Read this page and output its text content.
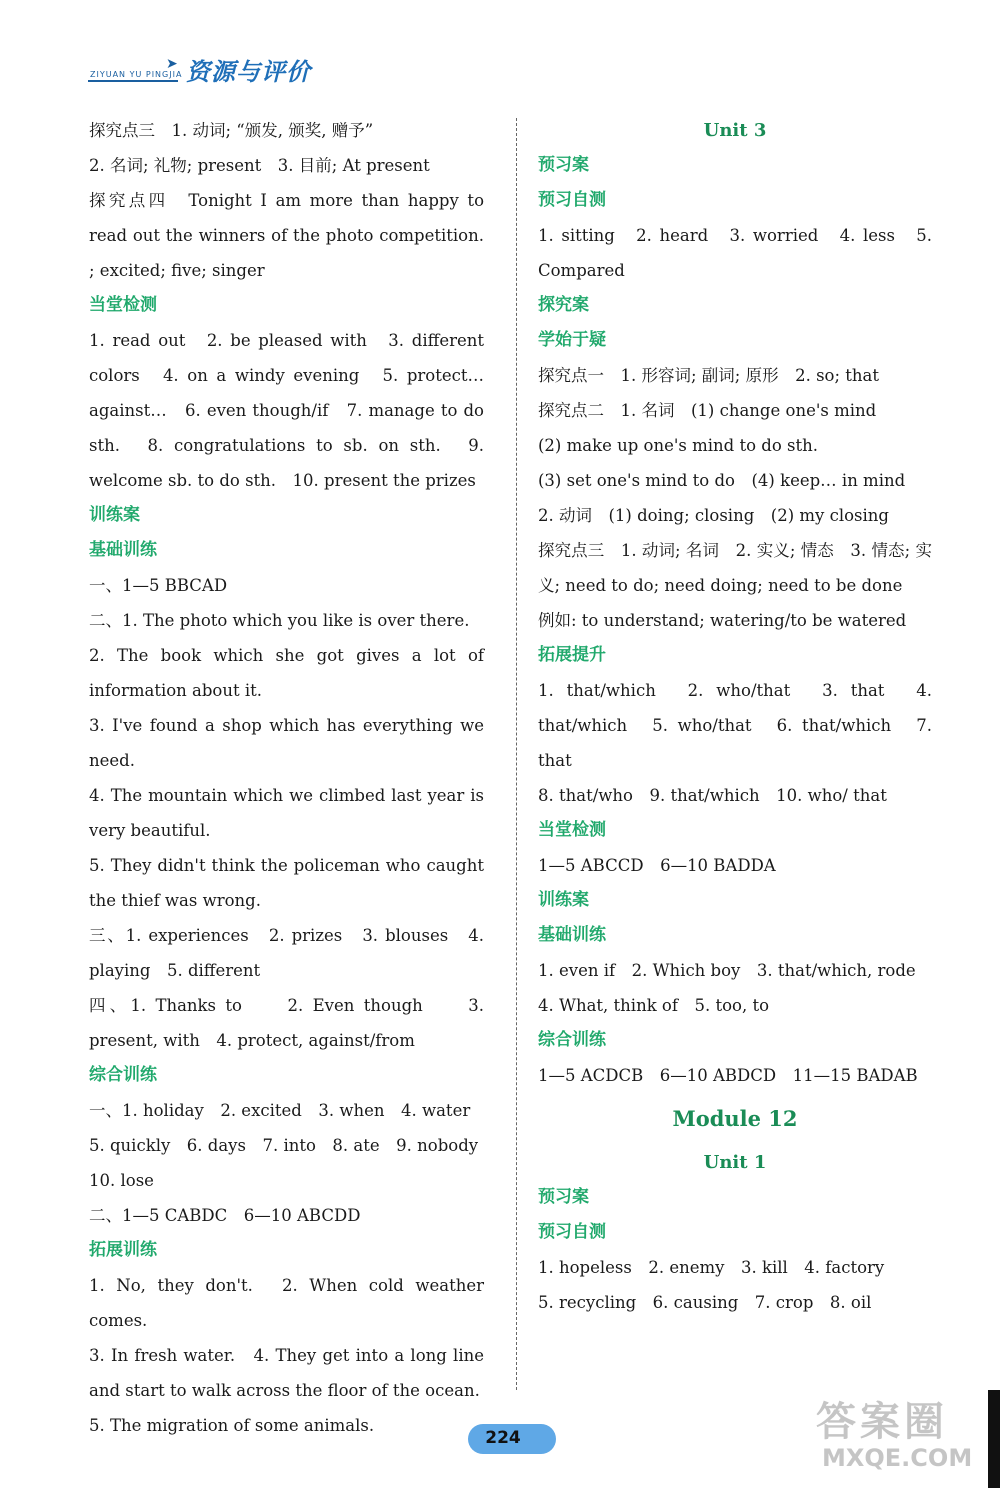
ZIYUAN YU PINGJIA
➤ 资源与评价

探究点三　1. 动词; “颁发, 颁奖, 赠予”

2. 名词; 礼物; present　3. 目前; At present

探究点四　Tonight I am more than happy to read out the winners of the photo competition. ; excited; five; singer

当堂检测

1. read out　2. be pleased with　3. different colors　4. on a windy evening　5. protect… against…　6. even though/if　7. manage to do sth.　8. congratulations to sb. on sth.　9. welcome sb. to do sth.　10. present the prizes

训练案

基础训练

一、1—5 BBCAD

二、1. The photo which you like is over there.

2. The book which she got gives a lot of information about it.

3. I've found a shop which has everything we need.

4. The mountain which we climbed last year is very beautiful.

5. They didn't think the policeman who caught the thief was wrong.

三、1. experiences　2. prizes　3. blouses　4. playing　5. different

四、1. Thanks to　　2. Even though　　3. present, with　4. protect, against/from

综合训练

一、1. holiday　2. excited　3. when　4. water

5. quickly　6. days　7. into　8. ate　9. nobody

10. lose

二、1—5 CABDC　6—10 ABCDD

拓展训练

1. No, they don't.　2. When cold weather comes.

3. In fresh water.　4. They get into a long line and start to walk across the floor of the ocean.

5. The migration of some animals.

Unit 3

预习案

预习自测

1. sitting　2. heard　3. worried　4. less　5. Compared

探究案

学始于疑

探究点一　1. 形容词; 副词; 原形　2. so; that

探究点二　1. 名词　(1) change one's mind

(2) make up one's mind to do sth.

(3) set one's mind to do　(4) keep… in mind

2. 动词　(1) doing; closing　(2) my closing

探究点三　1. 动词; 名词　2. 实义; 情态　3. 情态; 实义; need to do; need doing; need to be done

例如: to understand; watering/to be watered

拓展提升

1. that/which　2. who/that　3. that　4. that/which　5. who/that　6. that/which　7. that

8. that/who　9. that/which　10. who/ that

当堂检测

1—5 ABCCD　6—10 BADDA

训练案

基础训练

1. even if　2. Which boy　3. that/which, rode

4. What, think of　5. too, to

综合训练

1—5 ACDCB　6—10 ABDCD　11—15 BADAB

Module 12

Unit 1

预习案

预习自测

1. hopeless　2. enemy　3. kill　4. factory

5. recycling　6. causing　7. crop　8. oil

224	答案圈
MXQE.COM
